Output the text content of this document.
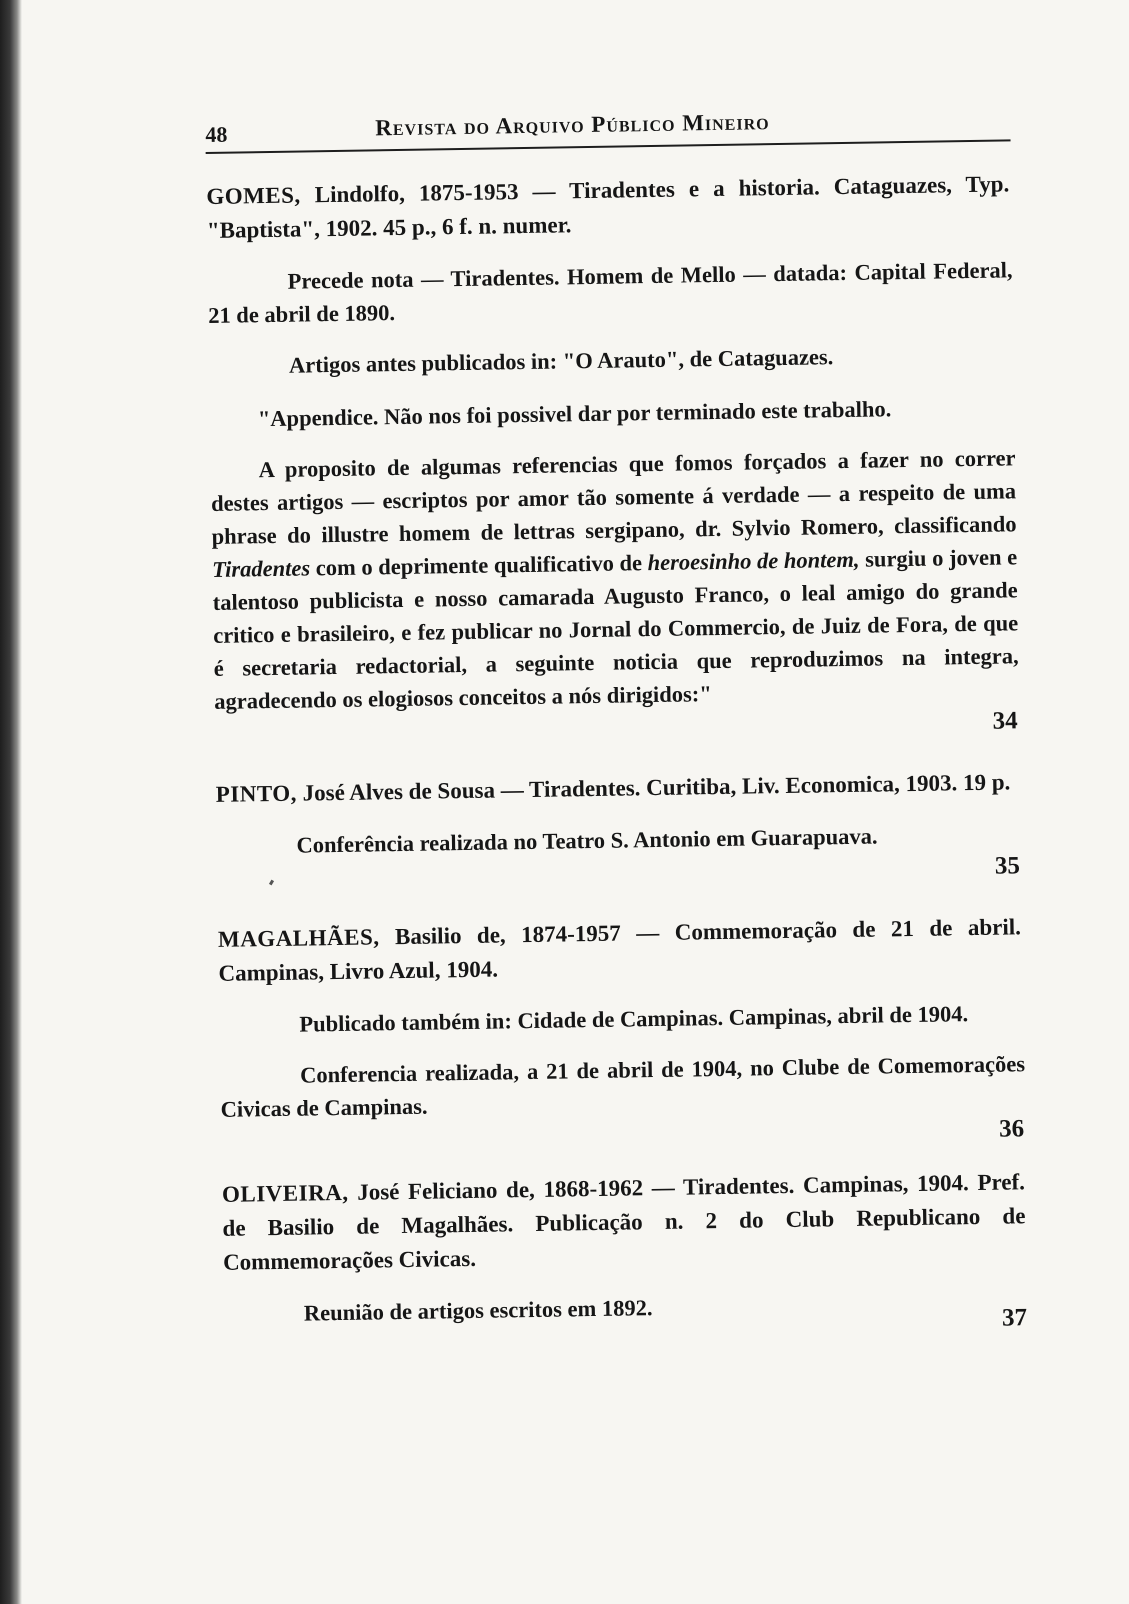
48	Revista do Arquivo Público Mineiro

GOMES, Lindolfo, 1875-1953 — Tiradentes e a historia. Cataguazes, Typ. "Baptista", 1902. 45 p., 6 f. n. numer.

Precede nota — Tiradentes. Homem de Mello — datada: Capital Federal, 21 de abril de 1890.

Artigos antes publicados in: "O Arauto", de Cataguazes.

"Appendice. Não nos foi possivel dar por terminado este trabalho.

A proposito de algumas referencias que fomos forçados a fazer no correr destes artigos — escriptos por amor tão somente á verdade — a respeito de uma phrase do illustre homem de lettras sergipano, dr. Sylvio Romero, classificando Tiradentes com o deprimente qualificativo de heroesinho de hontem, surgiu o joven e talentoso publicista e nosso camarada Augusto Franco, o leal amigo do grande critico e brasileiro, e fez publicar no Jornal do Commercio, de Juiz de Fora, de que é secretaria redactorial, a seguinte noticia que reproduzimos na integra, agradecendo os elogiosos conceitos a nós dirigidos:"

34

PINTO, José Alves de Sousa — Tiradentes. Curitiba, Liv. Economica, 1903. 19 p.

Conferência realizada no Teatro S. Antonio em Guarapuava.

35

MAGALHÃES, Basilio de, 1874-1957 — Commemoração de 21 de abril. Campinas, Livro Azul, 1904.

Publicado também in: Cidade de Campinas. Campinas, abril de 1904.

Conferencia realizada, a 21 de abril de 1904, no Clube de Comemorações Civicas de Campinas.

36

OLIVEIRA, José Feliciano de, 1868-1962 — Tiradentes. Campinas, 1904. Pref. de Basilio de Magalhães. Publicação n. 2 do Club Republicano de Commemorações Civicas.

Reunião de artigos escritos em 1892.	37
